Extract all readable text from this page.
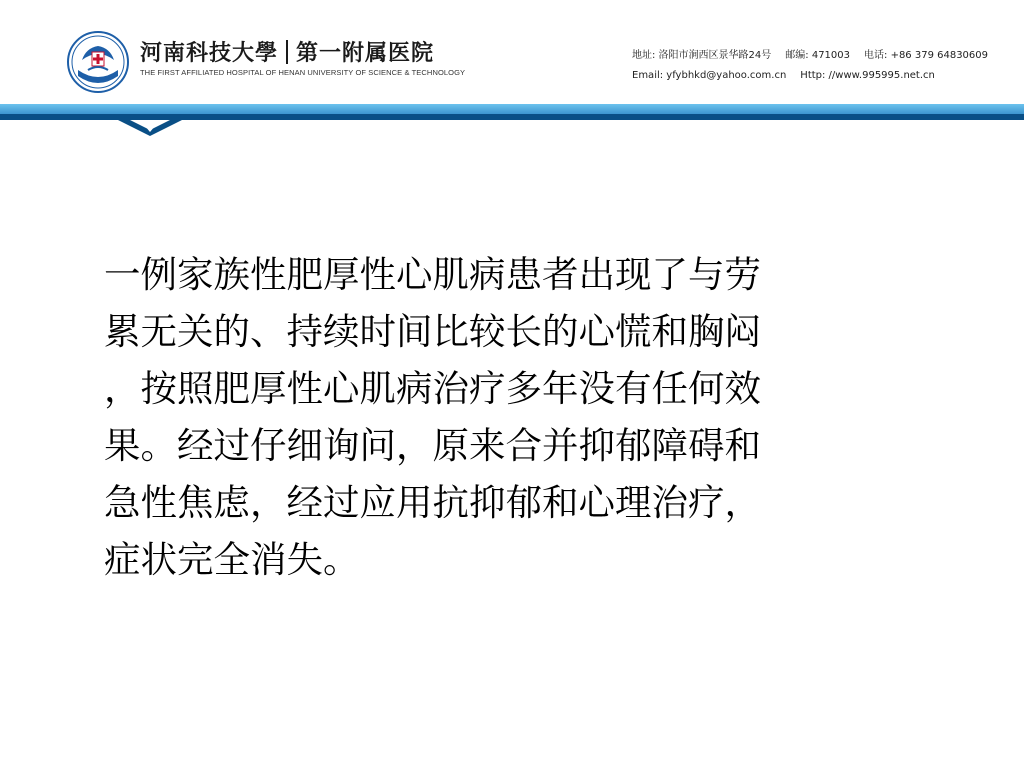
河南科技大學 第一附属医院
THE FIRST AFFILIATED HOSPITAL OF HENAN UNIVERSITY OF SCIENCE & TECHNOLOGY
地址: 洛阳市涧西区景华路24号 邮编: 471003 电话: +86 379 64830609
Email: yfybhkd@yahoo.com.cn Http: //www.995995.net.cn
一例家族性肥厚性心肌病患者出现了与劳
累无关的、持续时间比较长的心慌和胸闷
，按照肥厚性心肌病治疗多年没有任何效
果。经过仔细询问，原来合并抑郁障碍和
急性焦虑，经过应用抗抑郁和心理治疗，
症状完全消失。
